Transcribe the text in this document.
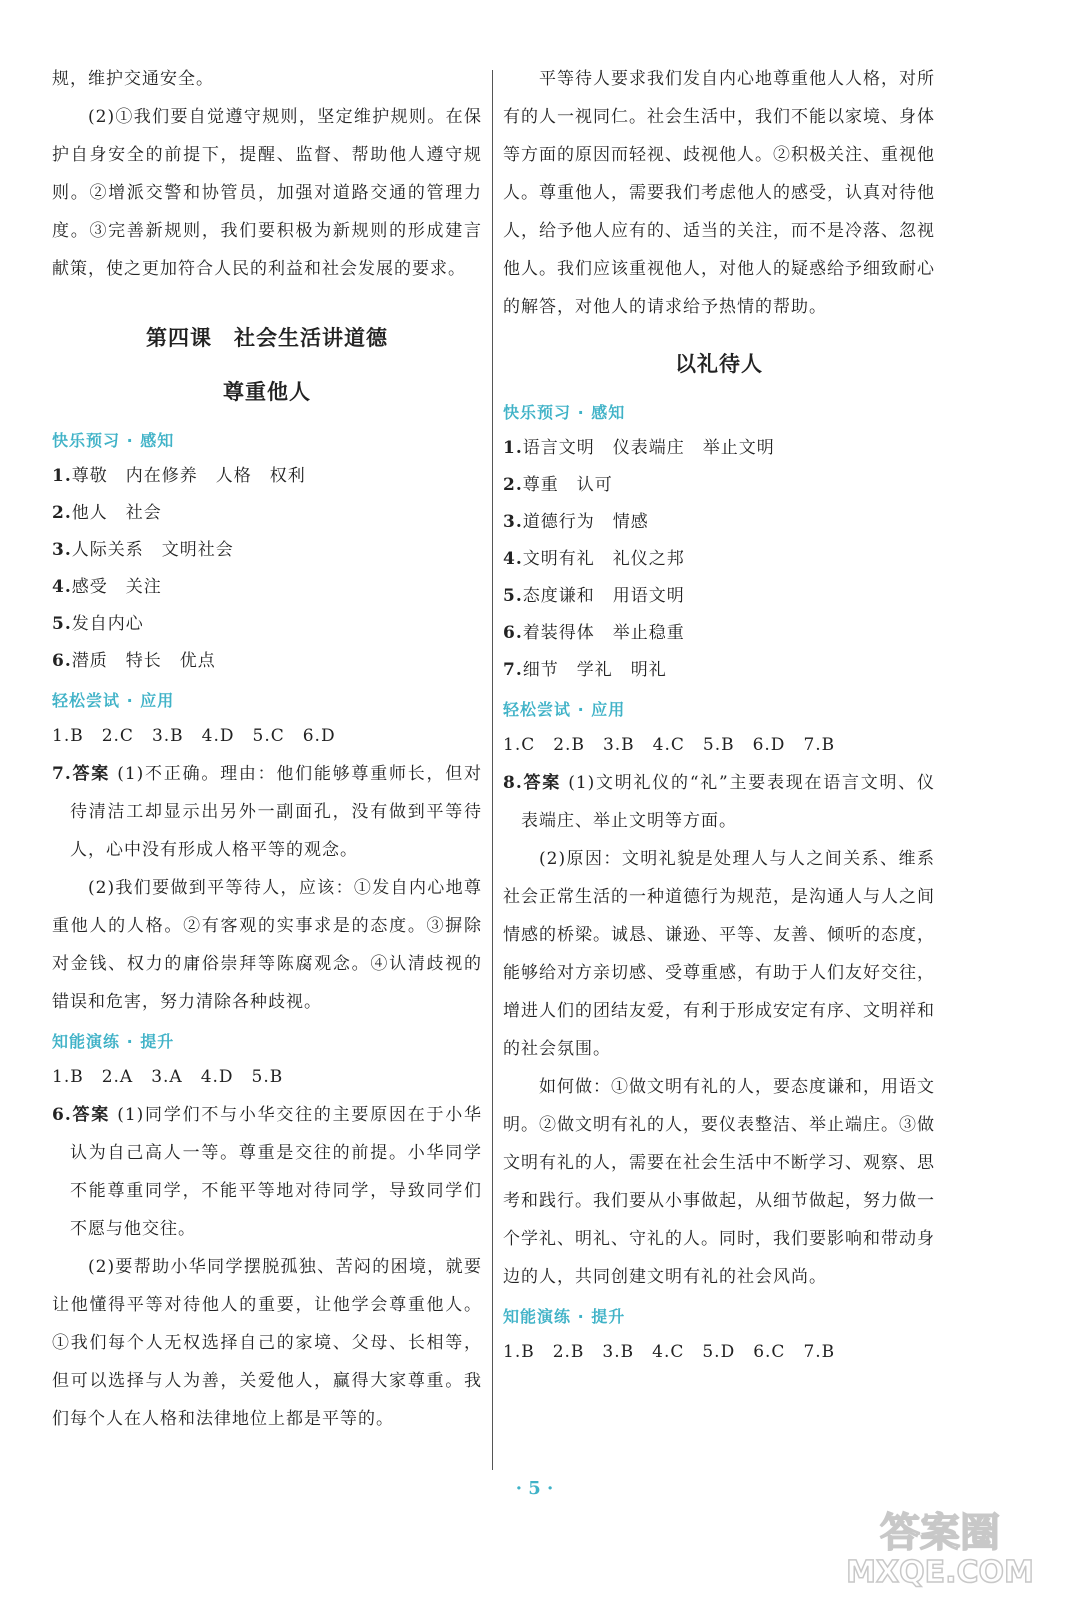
规，维护交通安全。

(2)①我们要自觉遵守规则，坚定维护规则。在保护自身安全的前提下，提醒、监督、帮助他人遵守规则。②增派交警和协管员，加强对道路交通的管理力度。③完善新规则，我们要积极为新规则的形成建言献策，使之更加符合人民的利益和社会发展的要求。

第四课　社会生活讲道德
尊重他人
快乐预习 · 感知

1.尊敬　内在修养　人格　权利

2.他人　社会

3.人际关系　文明社会

4.感受　关注

5.发自内心

6.潜质　特长　优点

轻松尝试 · 应用

1.B　2.C　3.B　4.D　5.C　6.D

7.答案 (1)不正确。理由：他们能够尊重师长，但对待清洁工却显示出另外一副面孔，没有做到平等待人，心中没有形成人格平等的观念。

(2)我们要做到平等待人，应该：①发自内心地尊重他人的人格。②有客观的实事求是的态度。③摒除对金钱、权力的庸俗崇拜等陈腐观念。④认清歧视的错误和危害，努力清除各种歧视。

知能演练 · 提升

1.B　2.A　3.A　4.D　5.B

6.答案 (1)同学们不与小华交往的主要原因在于小华认为自己高人一等。尊重是交往的前提。小华同学不能尊重同学，不能平等地对待同学，导致同学们不愿与他交往。

(2)要帮助小华同学摆脱孤独、苦闷的困境，就要让他懂得平等对待他人的重要，让他学会尊重他人。①我们每个人无权选择自己的家境、父母、长相等，但可以选择与人为善，关爱他人，赢得大家尊重。我们每个人在人格和法律地位上都是平等的。

平等待人要求我们发自内心地尊重他人人格，对所有的人一视同仁。社会生活中，我们不能以家境、身体等方面的原因而轻视、歧视他人。②积极关注、重视他人。尊重他人，需要我们考虑他人的感受，认真对待他人，给予他人应有的、适当的关注，而不是冷落、忽视他人。我们应该重视他人，对他人的疑惑给予细致耐心的解答，对他人的请求给予热情的帮助。

以礼待人
快乐预习 · 感知

1.语言文明　仪表端庄　举止文明

2.尊重　认可

3.道德行为　情感

4.文明有礼　礼仪之邦

5.态度谦和　用语文明

6.着装得体　举止稳重

7.细节　学礼　明礼

轻松尝试 · 应用

1.C　2.B　3.B　4.C　5.B　6.D　7.B

8.答案 (1)文明礼仪的“礼”主要表现在语言文明、仪表端庄、举止文明等方面。

(2)原因：文明礼貌是处理人与人之间关系、维系社会正常生活的一种道德行为规范，是沟通人与人之间情感的桥梁。诚恳、谦逊、平等、友善、倾听的态度，能够给对方亲切感、受尊重感，有助于人们友好交往，增进人们的团结友爱，有利于形成安定有序、文明祥和的社会氛围。

如何做：①做文明有礼的人，要态度谦和，用语文明。②做文明有礼的人，要仪表整洁、举止端庄。③做文明有礼的人，需要在社会生活中不断学习、观察、思考和践行。我们要从小事做起，从细节做起，努力做一个学礼、明礼、守礼的人。同时，我们要影响和带动身边的人，共同创建文明有礼的社会风尚。

知能演练 · 提升

1.B　2.B　3.B　4.C　5.D　6.C　7.B

· 5 ·
答案圈
MXQE.COM
